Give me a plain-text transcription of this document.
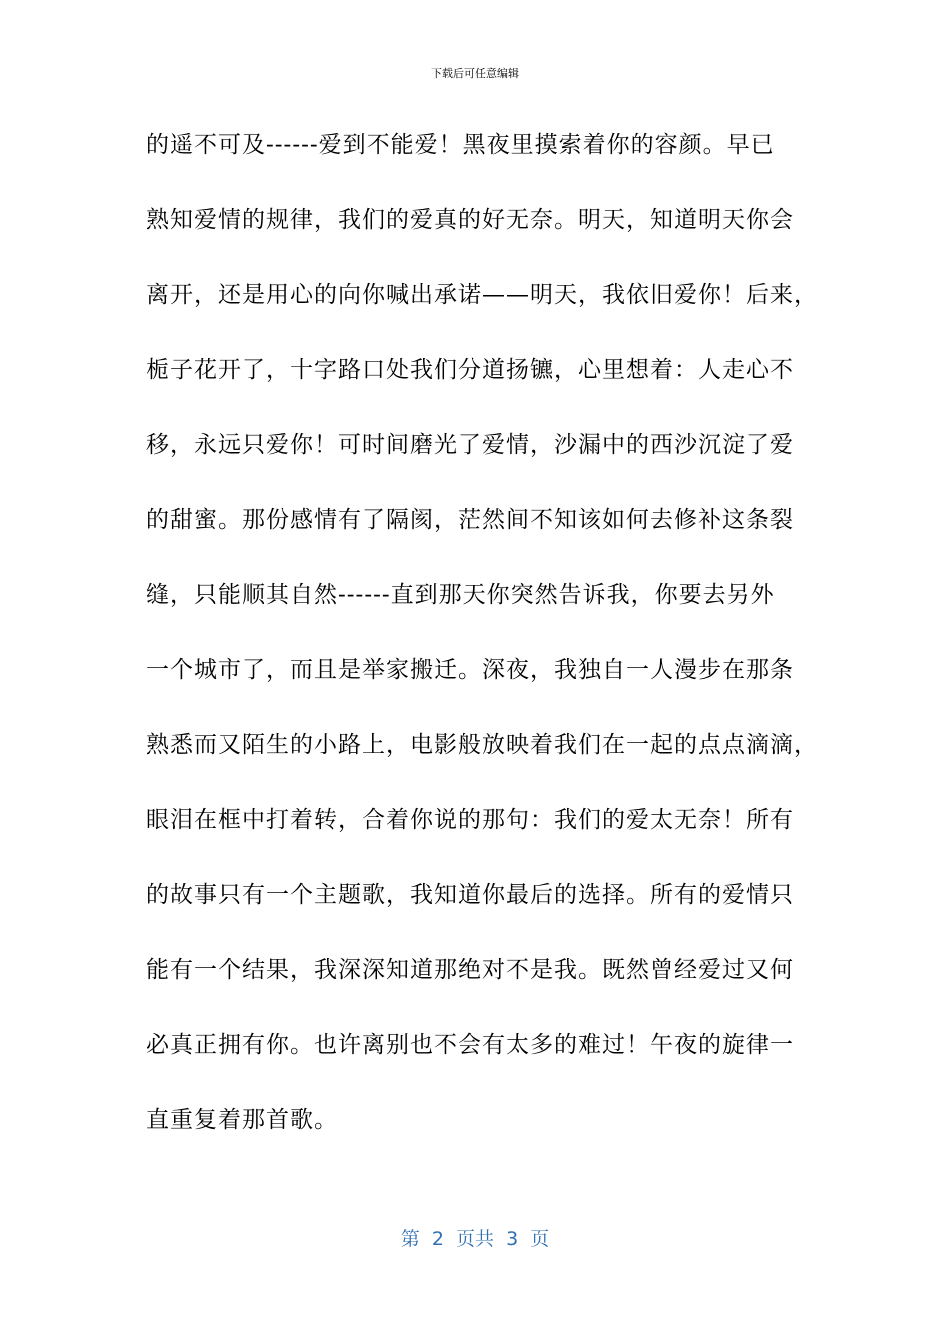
下载后可任意编辑
的遥不可及------爱到不能爱！黑夜里摸索着你的容颜。早已
熟知爱情的规律，我们的爱真的好无奈。明天，知道明天你会
离开，还是用心的向你喊出承诺——明天，我依旧爱你！后来，
栀子花开了，十字路口处我们分道扬镳，心里想着：人走心不
移，永远只爱你！可时间磨光了爱情，沙漏中的西沙沉淀了爱
的甜蜜。那份感情有了隔阂，茫然间不知该如何去修补这条裂
缝，只能顺其自然------直到那天你突然告诉我，你要去另外
一个城市了，而且是举家搬迁。深夜，我独自一人漫步在那条
熟悉而又陌生的小路上，电影般放映着我们在一起的点点滴滴，
眼泪在框中打着转，合着你说的那句：我们的爱太无奈！所有
的故事只有一个主题歌，我知道你最后的选择。所有的爱情只
能有一个结果，我深深知道那绝对不是我。既然曾经爱过又何
必真正拥有你。也许离别也不会有太多的难过！午夜的旋律一
直重复着那首歌。
第  2  页共  3  页
